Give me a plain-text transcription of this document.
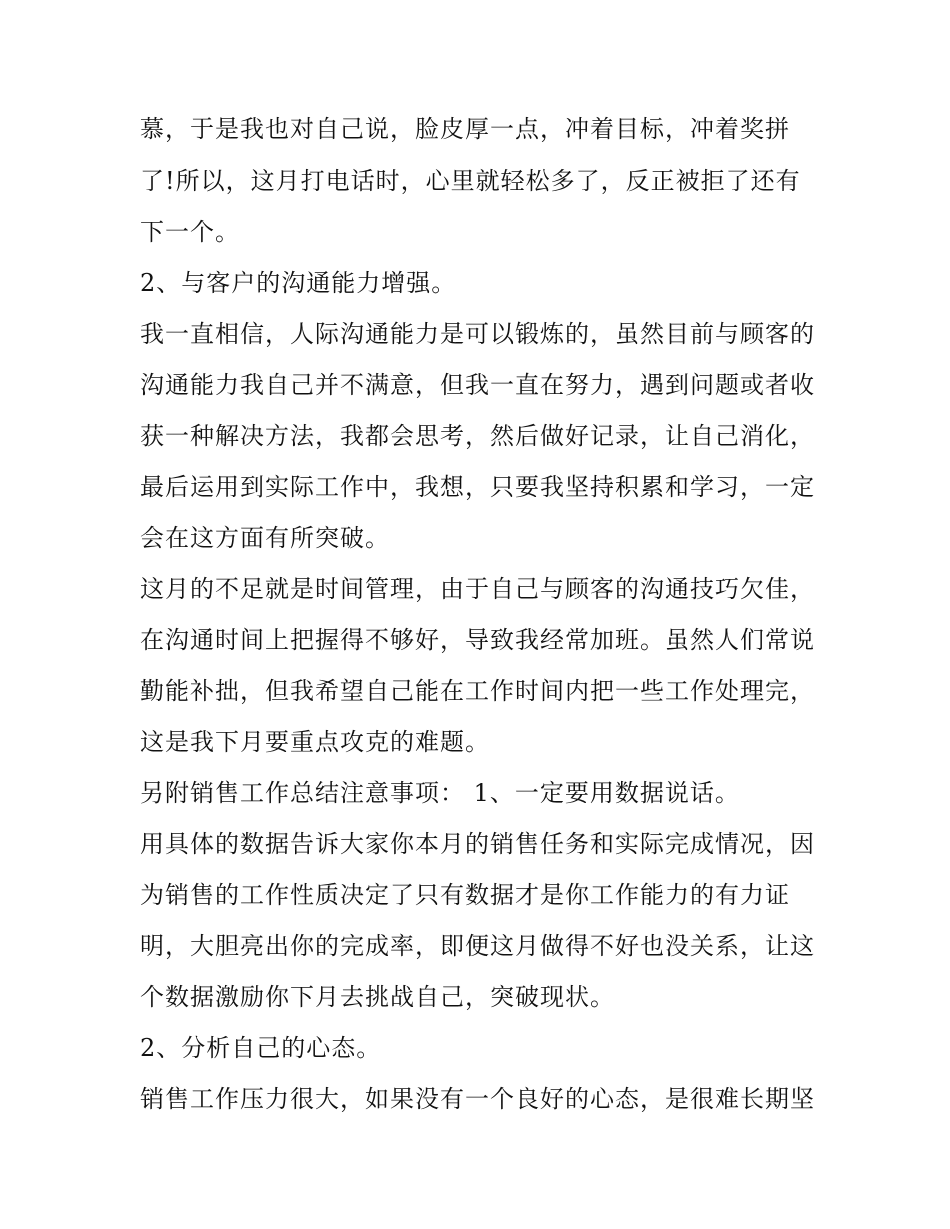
慕，于是我也对自己说，脸皮厚一点，冲着目标，冲着奖拼

了!所以，这月打电话时，心里就轻松多了，反正被拒了还有

下一个。

2、与客户的沟通能力增强。

我一直相信，人际沟通能力是可以锻炼的，虽然目前与顾客的

沟通能力我自己并不满意，但我一直在努力，遇到问题或者收

获一种解决方法，我都会思考，然后做好记录，让自己消化，

最后运用到实际工作中，我想，只要我坚持积累和学习，一定

会在这方面有所突破。

这月的不足就是时间管理，由于自己与顾客的沟通技巧欠佳，

在沟通时间上把握得不够好，导致我经常加班。虽然人们常说

勤能补拙，但我希望自己能在工作时间内把一些工作处理完，

这是我下月要重点攻克的难题。

另附销售工作总结注意事项： 1、一定要用数据说话。

用具体的数据告诉大家你本月的销售任务和实际完成情况，因

为销售的工作性质决定了只有数据才是你工作能力的有力证

明，大胆亮出你的完成率，即便这月做得不好也没关系，让这

个数据激励你下月去挑战自己，突破现状。

2、分析自己的心态。

销售工作压力很大，如果没有一个良好的心态，是很难长期坚
